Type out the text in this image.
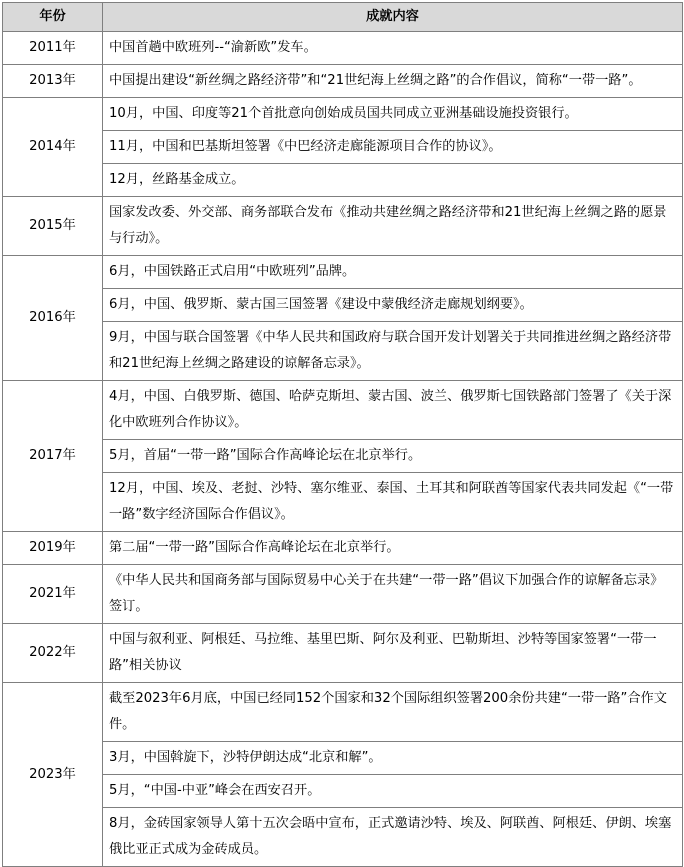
年份	成就内容
2011年	中国首趟中欧班列--“渝新欧”发车。
2013年	中国提出建设“新丝绸之路经济带”和“21世纪海上丝绸之路”的合作倡议，简称“一带一路”。
2014年	10月，中国、印度等21个首批意向创始成员国共同成立亚洲基础设施投资银行。
	11月，中国和巴基斯坦签署《中巴经济走廊能源项目合作的协议》。
	12月，丝路基金成立。
2015年	国家发改委、外交部、商务部联合发布《推动共建丝绸之路经济带和21世纪海上丝绸之路的愿景与行动》。
2016年	6月，中国铁路正式启用“中欧班列”品牌。
	6月，中国、俄罗斯、蒙古国三国签署《建设中蒙俄经济走廊规划纲要》。
	9月，中国与联合国签署《中华人民共和国政府与联合国开发计划署关于共同推进丝绸之路经济带和21世纪海上丝绸之路建设的谅解备忘录》。
2017年	4月，中国、白俄罗斯、德国、哈萨克斯坦、蒙古国、波兰、俄罗斯七国铁路部门签署了《关于深化中欧班列合作协议》。
	5月，首届“一带一路”国际合作高峰论坛在北京举行。
	12月，中国、埃及、老挝、沙特、塞尔维亚、泰国、土耳其和阿联酋等国家代表共同发起《“一带一路”数字经济国际合作倡议》。
2019年	第二届“一带一路”国际合作高峰论坛在北京举行。
2021年	《中华人民共和国商务部与国际贸易中心关于在共建“一带一路”倡议下加强合作的谅解备忘录》签订。
2022年	中国与叙利亚、阿根廷、马拉维、基里巴斯、阿尔及利亚、巴勒斯坦、沙特等国家签署“一带一路”相关协议
2023年	截至2023年6月底，中国已经同152个国家和32个国际组织签署200余份共建“一带一路”合作文件。
	3月，中国斡旋下，沙特伊朗达成“北京和解”。
	5月，“中国-中亚”峰会在西安召开。
	8月，金砖国家领导人第十五次会晤中宣布，正式邀请沙特、埃及、阿联酋、阿根廷、伊朗、埃塞俄比亚正式成为金砖成员。
